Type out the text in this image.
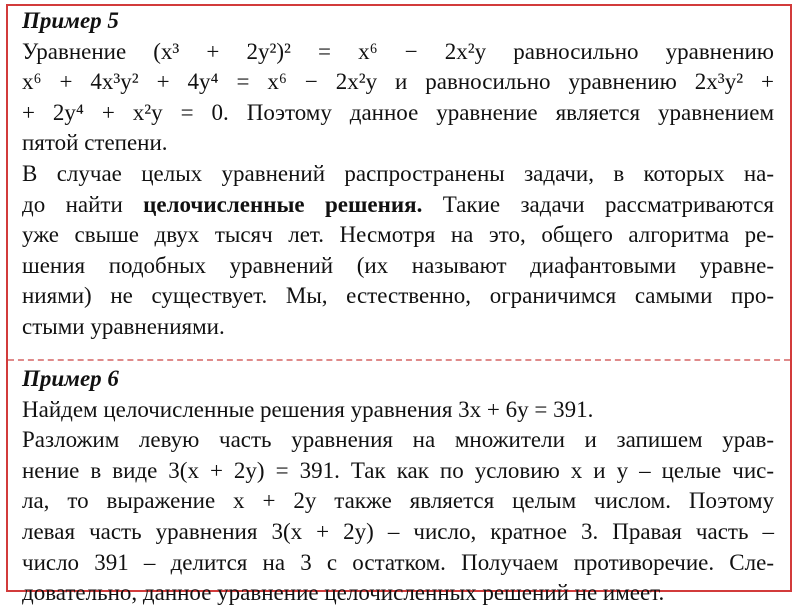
Пример 5

Уравнение (x³ + 2y²)² = x⁶ − 2x²y равносильно уравнению

x⁶ + 4x³y² + 4y⁴ = x⁶ − 2x²y и равносильно уравнению 2x³y² +

+ 2y⁴ + x²y = 0. Поэтому данное уравнение является уравнением

пятой степени.

В случае целых уравнений распространены задачи, в которых на-

до найти целочисленные решения. Такие задачи рассматриваются

уже свыше двух тысяч лет. Несмотря на это, общего алгоритма ре-

шения подобных уравнений (их называют диафантовыми уравне-

ниями) не существует. Мы, естественно, ограничимся самыми про-

стыми уравнениями.

Пример 6

Найдем целочисленные решения уравнения 3x + 6y = 391.

Разложим левую часть уравнения на множители и запишем урав-

нение в виде 3(x + 2y) = 391. Так как по условию x и y – целые чис-

ла, то выражение x + 2y также является целым числом. Поэтому

левая часть уравнения 3(x + 2y) – число, кратное 3. Правая часть –

число 391 – делится на 3 с остатком. Получаем противоречие. Сле-

довательно, данное уравнение целочисленных решений не имеет.
